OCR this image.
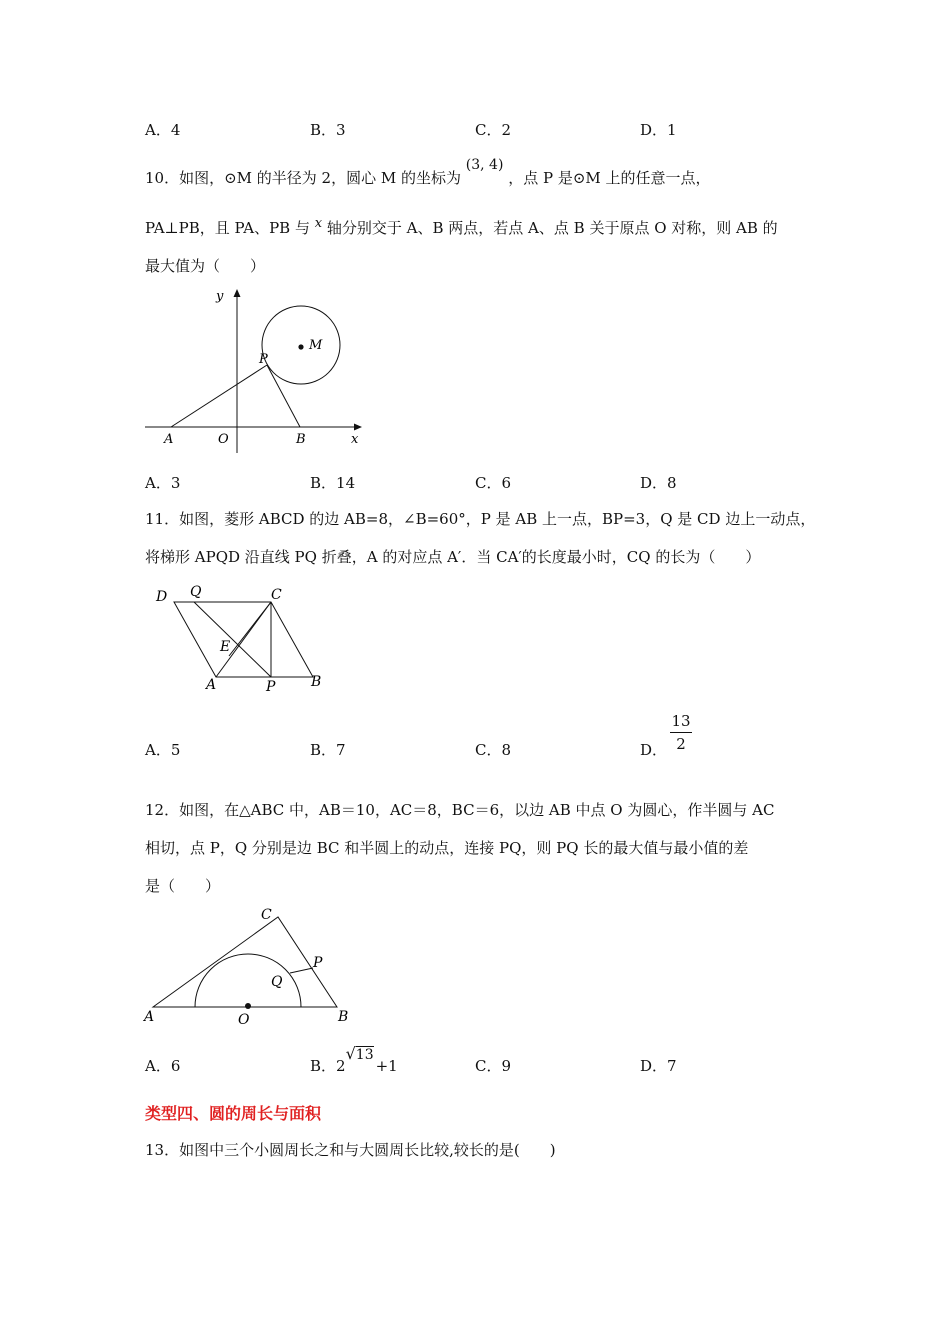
A．4	B．3	C．2	D．1
10．如图，⊙M 的半径为 2，圆心 M 的坐标为 (3, 4) ，点 P 是⊙M 上的任意一点，
PA⊥PB，且 PA、PB 与 x 轴分别交于 A、B 两点，若点 A、点 B 关于原点 O 对称，则 AB 的
最大值为（　　）
y
M
P
A	O	B	x
A．3	B．14	C．6	D．8
11．如图，菱形 ABCD 的边 AB=8，∠B=60°，P 是 AB 上一点，BP=3，Q 是 CD 边上一动点，
将梯形 APQD 沿直线 PQ 折叠，A 的对应点 A′．当 CA′的长度最小时，CQ 的长为（　　）
D Q	C
E
A	P	B
A．5	B．7	C．8	D．
13
2
12．如图，在△ABC 中，AB＝10，AC＝8，BC＝6，以边 AB 中点 O 为圆心，作半圆与 AC
相切，点 P，Q 分别是边 BC 和半圆上的动点，连接 PQ，则 PQ 长的最大值与最小值的差
是（　　）
C
Q
P
A	O	B
A．6	B．2√13+1	C．9	D．7
类型四、圆的周长与面积
13．如图中三个小圆周长之和与大圆周长比较,较长的是(　　)
